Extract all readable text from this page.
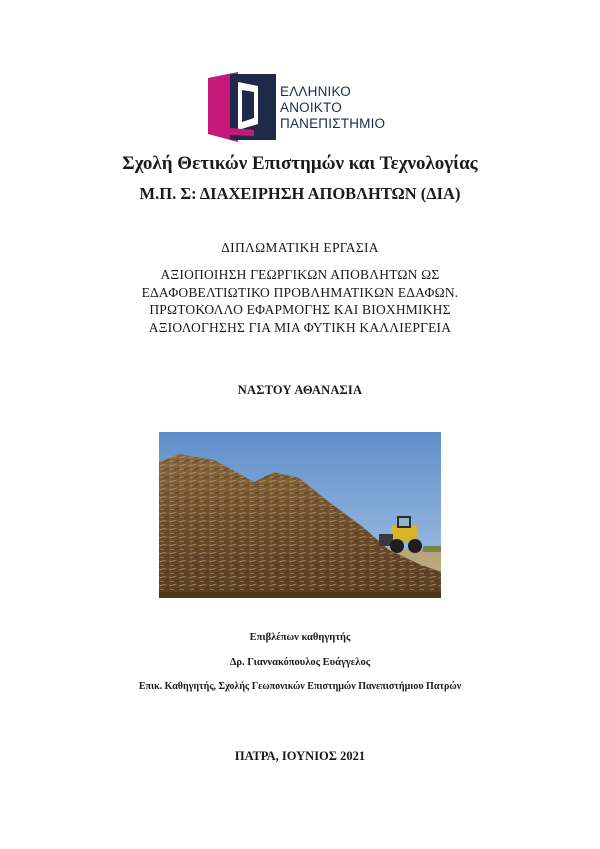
ΕΛΛΗΝΙΚΟ
ΑΝΟΙΚΤΟ
ΠΑΝΕΠΙΣΤΗΜΙΟ
Σχολή Θετικών Επιστημών και Τεχνολογίας
Μ.Π. Σ: ΔΙΑΧΕΙΡΗΣΗ ΑΠΟΒΛΗΤΩΝ (ΔΙΑ)
ΔΙΠΛΩΜΑΤΙΚΗ ΕΡΓΑΣΙΑ
ΑΞΙΟΠΟΙΗΣΗ ΓΕΩΡΓΙΚΩΝ ΑΠΟΒΛΗΤΩΝ ΩΣ
ΕΔΑΦΟΒΕΛΤΙΩΤΙΚΟ ΠΡΟΒΛΗΜΑΤΙΚΩΝ ΕΔΑΦΩΝ.
ΠΡΩΤΟΚΟΛΛΟ ΕΦΑΡΜΟΓΗΣ ΚΑΙ ΒΙΟΧΗΜΙΚΗΣ
ΑΞΙΟΛΟΓΗΣΗΣ ΓΙΑ ΜΙΑ ΦΥΤΙΚΗ ΚΑΛΛΙΕΡΓΕΙΑ
ΝΑΣΤΟΥ ΑΘΑΝΑΣΙΑ
Επιβλέπων καθηγητής
Δρ. Γιαννακόπουλος Ευάγγελος
Επικ. Καθηγητής, Σχολής Γεωπονικών Επιστημών Πανεπιστήμιου Πατρών
ΠΑΤΡΑ, ΙΟΥΝΙΟΣ 2021
